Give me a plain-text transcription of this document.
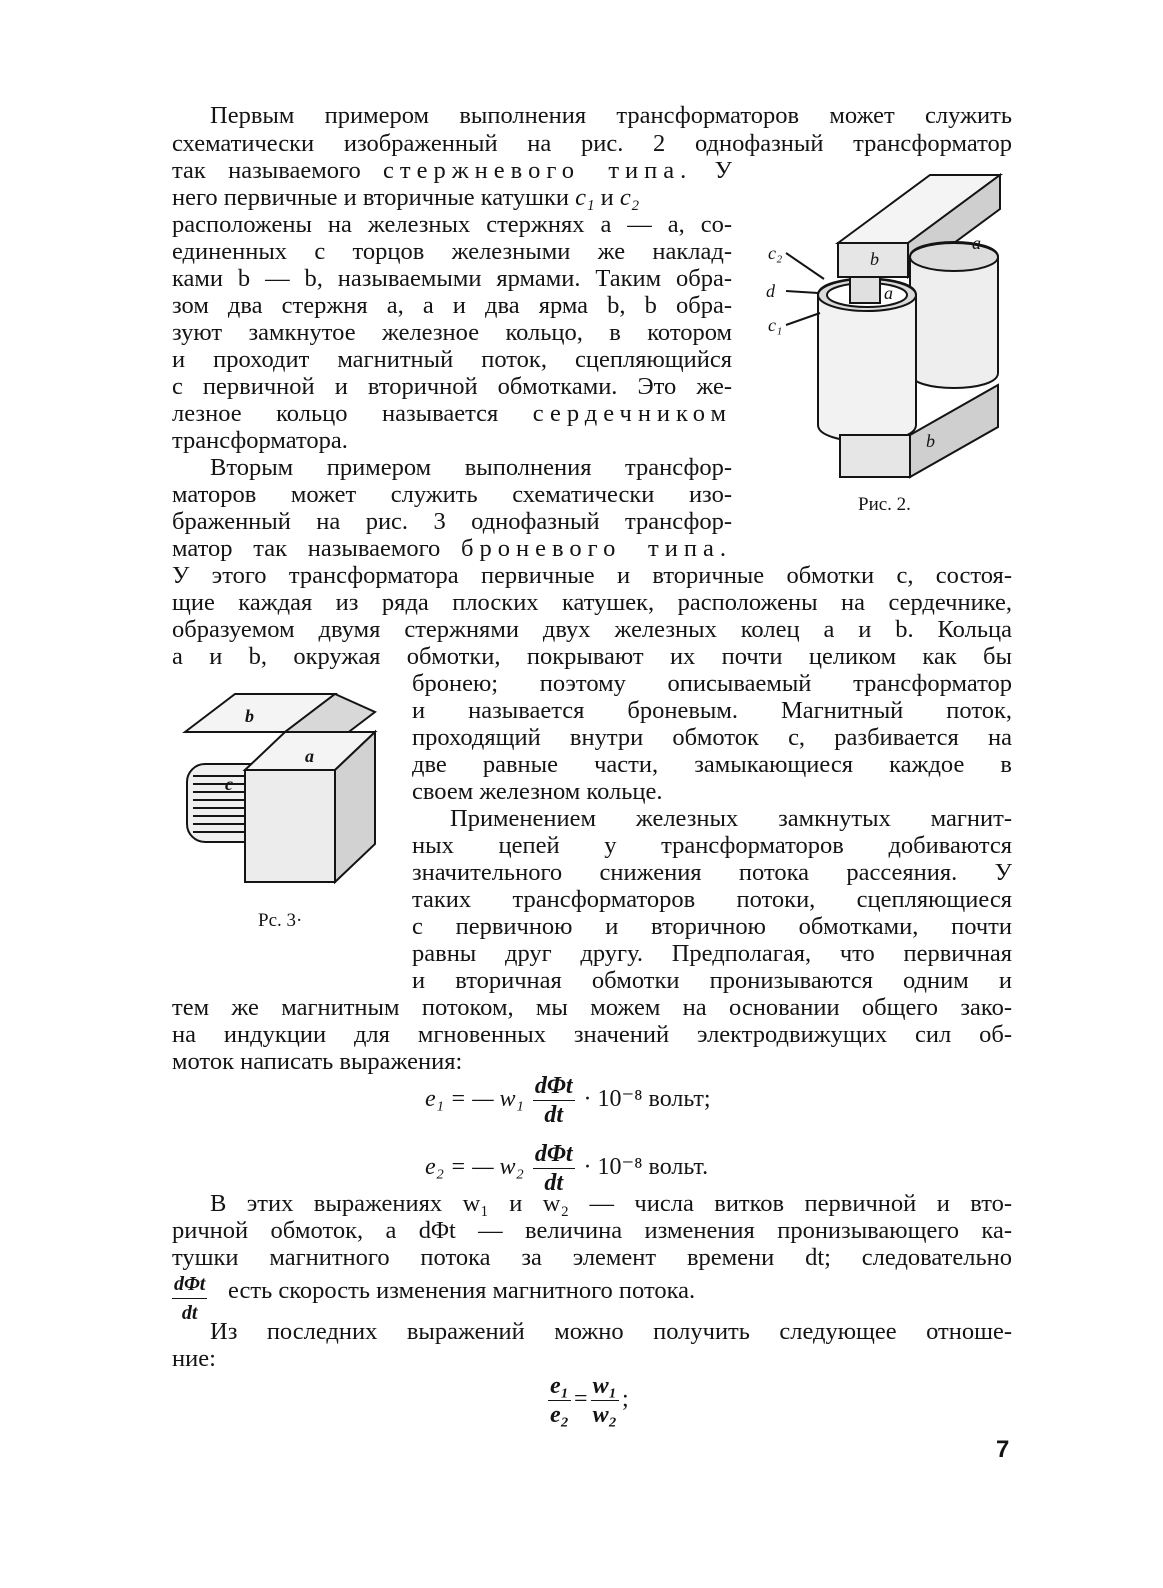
Первым примером выполнения трансформаторов может служить
схематически изображенный на рис. 2 однофазный трансформатор
так называемого стержневого типа. У
него первичные и вторичные катушки c₁ и c₂
расположены на железных стержнях a — a, со-
единенных с торцов железными же наклад-
ками b — b, называемыми ярмами. Таким обра-
зом два стержня a, a и два ярма b, b обра-
зуют замкнутое железное кольцо, в котором
и проходит магнитный поток, сцепляющийся
с первичной и вторичной обмотками. Это же-
лезное кольцо называется сердечником
трансформатора.
Вторым примером выполнения трансфор-
маторов может служить схематически изо-
браженный на рис. 3 однофазный трансфор-
матор так называемого броневого типа.
У этого трансформатора первичные и вторичные обмотки c, состоя-
щие каждая из ряда плоских катушек, расположены на сердечнике,
образуемом двумя стержнями двух железных колец a и b. Кольца
a и b, окружая обмотки, покрывают их почти целиком как бы
бронею; поэтому описываемый трансформатор
и называется броневым. Магнитный поток,
проходящий внутри обмоток c, разбивается на
две равные части, замыкающиеся каждое в
своем железном кольце.
Применением железных замкнутых магнит-
ных цепей у трансформаторов добиваются
значительного снижения потока рассеяния. У
таких трансформаторов потоки, сцепляющиеся
с первичною и вторичною обмотками, почти
равны друг другу. Предполагая, что первичная
и вторичная обмотки пронизываются одним и
тем же магнитным потоком, мы можем на основании общего зако-
на индукции для мгновенных значений электродвижущих сил об-
моток написать выражения:
e₁ = — $w_1 \frac{\text{dΦt}}{dt} \cdot 10^{-8}$ вольт;
e₂ = — $w_2 \frac{\text{dΦt}}{dt} \cdot 10^{-8}$ вольт.
В этих выражениях w₁ и w₂ — числа витков первичной и вто-
ричной обмоток, a dΦt — величина изменения пронизывающего ка-
тушки магнитного потока за элемент времени dt; следовательно
$\frac{\text{dΦt}}{dt}$ есть скорость изменения магнитного потока.
Из последних выражений можно получить следующее отноше-
ние:
$\frac{\text{e₁}}{\text{e₂}} = \frac{\text{w₁}}{\text{w₂}}$ ;
c₂
d
c₁
b
a
a
b
Рис. 2.
b
a
c
Рс. 3·
7
